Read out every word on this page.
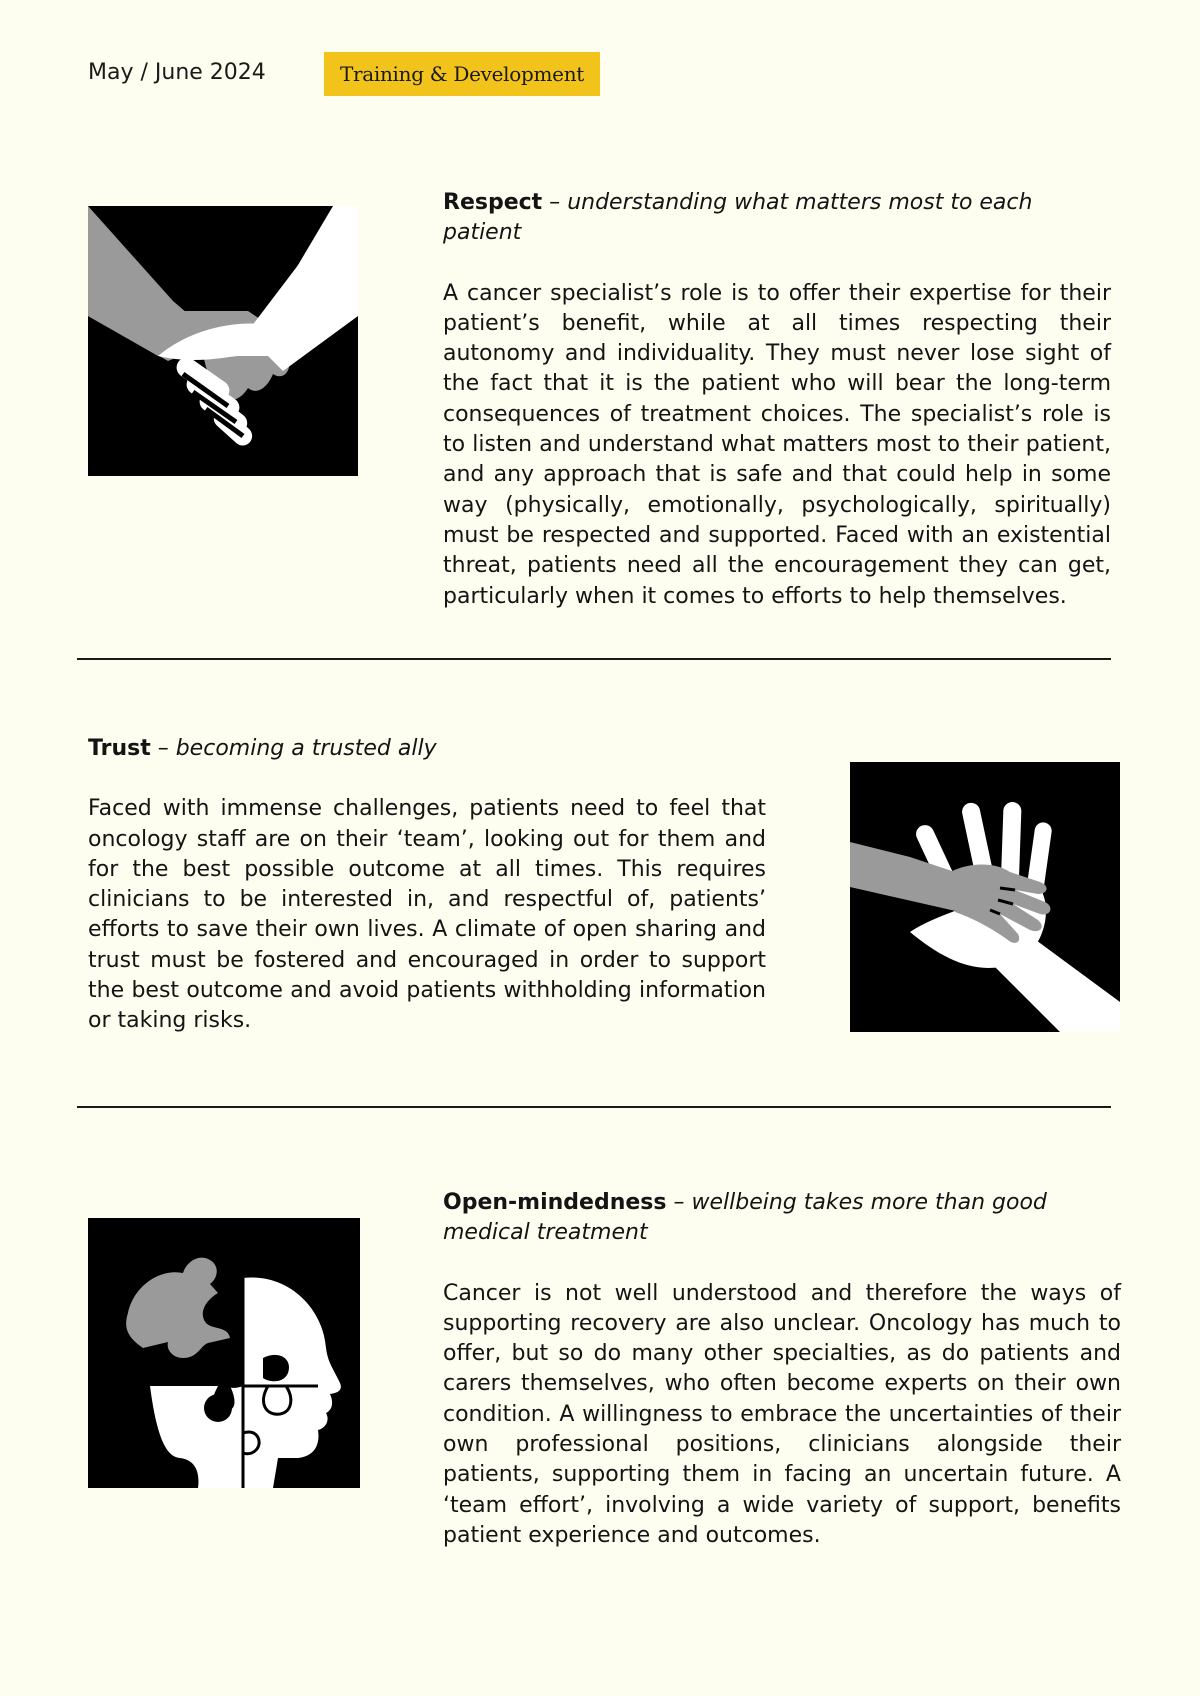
May / June 2024	Training & Development

Respect – understanding what matters most to each patient

A cancer specialist’s role is to offer their expertise for their patient’s benefit, while at all times respecting their autonomy and individuality. They must never lose sight of the fact that it is the patient who will bear the long-term consequences of treatment choices. The specialist’s role is to listen and understand what matters most to their patient, and any approach that is safe and that could help in some way (physically, emotionally, psychologically, spiritually) must be respected and supported. Faced with an existential threat, patients need all the encouragement they can get, particularly when it comes to efforts to help themselves.

Trust – becoming a trusted ally

Faced with immense challenges, patients need to feel that oncology staff are on their ‘team’, looking out for them and for the best possible outcome at all times. This requires clinicians to be interested in, and respectful of, patients’ efforts to save their own lives. A climate of open sharing and trust must be fostered and encouraged in order to support the best outcome and avoid patients withholding information or taking risks.

Open-mindedness – wellbeing takes more than good medical treatment

Cancer is not well understood and therefore the ways of supporting recovery are also unclear. Oncology has much to offer, but so do many other specialties, as do patients and carers themselves, who often become experts on their own condition. A willingness to embrace the uncertainties of their own professional positions, clinicians alongside their patients, supporting them in facing an uncertain future. A ‘team effort’, involving a wide variety of support, benefits patient experience and outcomes.
